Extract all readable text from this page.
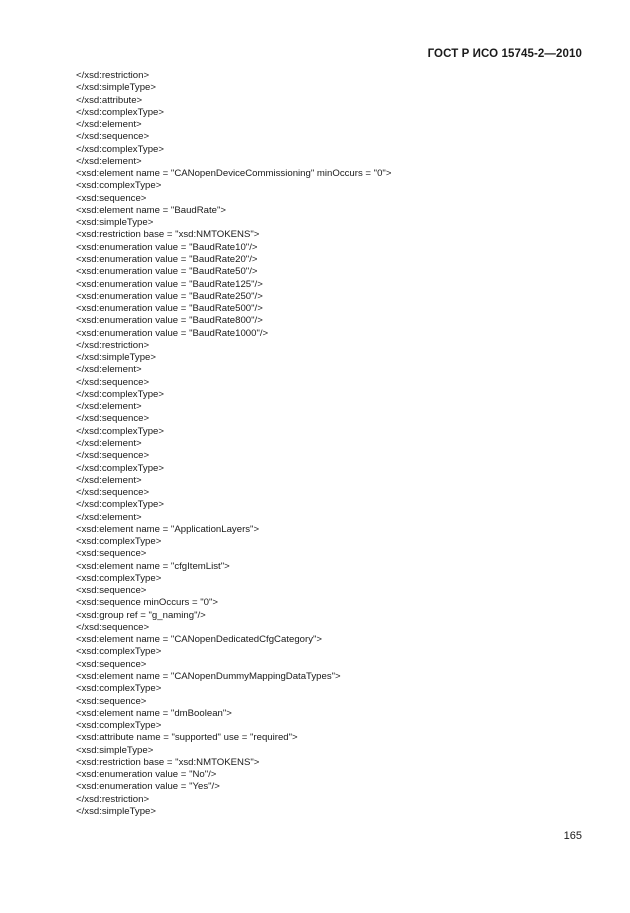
ГОСТ Р ИСО 15745-2—2010
</xsd:restriction>
</xsd:simpleType>
</xsd:attribute>
</xsd:complexType>
</xsd:element>
</xsd:sequence>
</xsd:complexType>
</xsd:element>
<xsd:element name = "CANopenDeviceCommissioning" minOccurs = "0">
<xsd:complexType>
<xsd:sequence>
<xsd:element name = "BaudRate">
<xsd:simpleType>
<xsd:restriction base = "xsd:NMTOKENS">
<xsd:enumeration value = "BaudRate10"/>
<xsd:enumeration value = "BaudRate20"/>
<xsd:enumeration value = "BaudRate50"/>
<xsd:enumeration value = "BaudRate125"/>
<xsd:enumeration value = "BaudRate250"/>
<xsd:enumeration value = "BaudRate500"/>
<xsd:enumeration value = "BaudRate800"/>
<xsd:enumeration value = "BaudRate1000"/>
</xsd:restriction>
</xsd:simpleType>
</xsd:element>
</xsd:sequence>
</xsd:complexType>
</xsd:element>
</xsd:sequence>
</xsd:complexType>
</xsd:element>
</xsd:sequence>
</xsd:complexType>
</xsd:element>
</xsd:sequence>
</xsd:complexType>
</xsd:element>
<xsd:element name = "ApplicationLayers">
<xsd:complexType>
<xsd:sequence>
<xsd:element name = "cfgItemList">
<xsd:complexType>
<xsd:sequence>
<xsd:sequence minOccurs = "0">
<xsd:group ref = "g_naming"/>
</xsd:sequence>
<xsd:element name = "CANopenDedicatedCfgCategory">
<xsd:complexType>
<xsd:sequence>
<xsd:element name = "CANopenDummyMappingDataTypes">
<xsd:complexType>
<xsd:sequence>
<xsd:element name = "dmBoolean">
<xsd:complexType>
<xsd:attribute name = "supported" use = "required">
<xsd:simpleType>
<xsd:restriction base = "xsd:NMTOKENS">
<xsd:enumeration value = "No"/>
<xsd:enumeration value = "Yes"/>
</xsd:restriction>
</xsd:simpleType>
165
